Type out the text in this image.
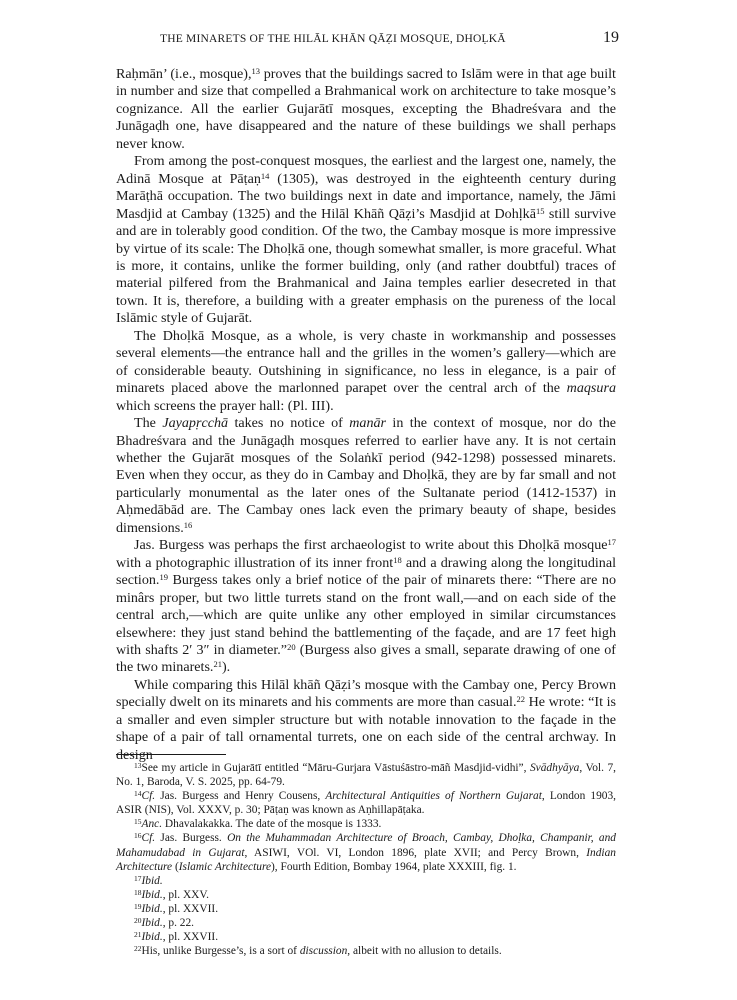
THE MINARETS OF THE HILĀL KHĀN QĀẒI MOSQUE, DHOḶKĀ	19

Raḥmān’ (i.e., mosque),$^{13}$ proves that the buildings sacred to Islām were in that age built in number and size that compelled a Brahmanical work on architecture to take mosque’s cognizance. All the earlier Gujarātī mosques, excepting the Bhadreśvara and the Junāgaḍh one, have disappeared and the nature of these buildings we shall perhaps never know.

From among the post-conquest mosques, the earliest and the largest one, namely, the Adinā Mosque at Pāṭaṇ$^{14}$ (1305), was destroyed in the eighteenth century during Marāṭhā occupation. The two buildings next in date and importance, namely, the Jāmi Masdjid at Cambay (1325) and the Hilāl Khāñ Qāẓi’s Masdjid at Dohḷkā$^{15}$ still survive and are in tolerably good condition. Of the two, the Cambay mosque is more impressive by virtue of its scale: The Dhoḷkā one, though somewhat smaller, is more graceful. What is more, it contains, unlike the former building, only (and rather doubtful) traces of material pilfered from the Brahmanical and Jaina temples earlier desecreted in that town. It is, therefore, a building with a greater emphasis on the pureness of the local Islāmic style of Gujarāt.

The Dhoḷkā Mosque, as a whole, is very chaste in workmanship and possesses several elements—the entrance hall and the grilles in the women’s gallery—which are of considerable beauty. Outshining in significance, no less in elegance, is a pair of minarets placed above the marlonned parapet over the central arch of the maqsura which screens the prayer hall: (Pl. III).

The Jayapṛcchā takes no notice of manār in the context of mosque, nor do the Bhadreśvara and the Junāgaḍh mosques referred to earlier have any. It is not certain whether the Gujarāt mosques of the Solaṅkī period (942-1298) possessed minarets. Even when they occur, as they do in Cambay and Dhoḷkā, they are by far small and not particularly monumental as the later ones of the Sultanate period (1412-1537) in Aḥmedābād are. The Cambay ones lack even the primary beauty of shape, besides dimensions.$^{16}$

Jas. Burgess was perhaps the first archaeologist to write about this Dhoḷkā mosque$^{17}$ with a photographic illustration of its inner front$^{18}$ and a drawing along the longitudinal section.$^{19}$ Burgess takes only a brief notice of the pair of minarets there: “There are no minârs proper, but two little turrets stand on the front wall,—and on each side of the central arch,—which are quite unlike any other employed in similar circumstances elsewhere: they just stand behind the battlementing of the façade, and are 17 feet high with shafts 2′ 3″ in diameter.”$^{20}$ (Burgess also gives a small, separate drawing of one of the two minarets.$^{21}$).

While comparing this Hilāl khāñ Qāẓi’s mosque with the Cambay one, Percy Brown specially dwelt on its minarets and his comments are more than casual.$^{22}$ He wrote: “It is a smaller and even simpler structure but with notable innovation to the façade in the shape of a pair of tall ornamental turrets, one on each side of the central archway. In design

$^{13}$See my article in Gujarātī entitled “Māru-Gurjara Vāstuśāstro-māñ Masdjid-vidhi”, Svādhyāya, Vol. 7, No. 1, Baroda, V. S. 2025, pp. 64-79.

$^{14}$Cf. Jas. Burgess and Henry Cousens, Architectural Antiquities of Northern Gujarat, London 1903, ASIR (NIS), Vol. XXXV, p. 30; Pāṭaṇ was known as Aṇhillapāṭaka.

$^{15}$Anc. Dhavalakakka. The date of the mosque is 1333.

$^{16}$Cf. Jas. Burgess. On the Muhammadan Architecture of Broach, Cambay, Dhoḷka, Champanir, and Mahamudabad in Gujarat, ASIWI, VOl. VI, London 1896, plate XVII; and Percy Brown, Indian Architecture (Islamic Architecture), Fourth Edition, Bombay 1964, plate XXXIII, fig. 1.

$^{17}$Ibid.

$^{18}$Ibid., pl. XXV.

$^{19}$Ibid., pl. XXVII.

$^{20}$Ibid., p. 22.

$^{21}$Ibid., pl. XXVII.

$^{22}$His, unlike Burgesse’s, is a sort of discussion, albeit with no allusion to details.
